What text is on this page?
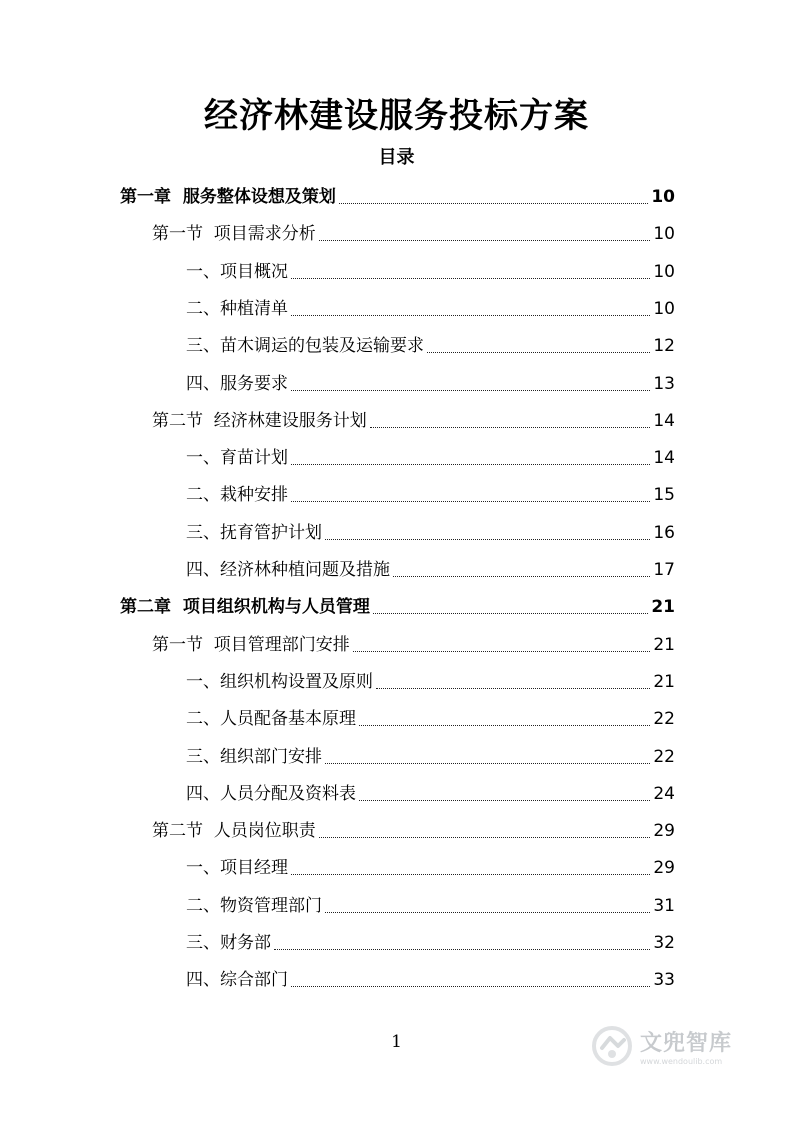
经济林建设服务投标方案
目录
第一章  服务整体设想及策划	10
第一节  项目需求分析	10
一、项目概况	10
二、种植清单	10
三、苗木调运的包装及运输要求	12
四、服务要求	13
第二节  经济林建设服务计划	14
一、育苗计划	14
二、栽种安排	15
三、抚育管护计划	16
四、经济林种植问题及措施	17
第二章  项目组织机构与人员管理	21
第一节  项目管理部门安排	21
一、组织机构设置及原则	21
二、人员配备基本原理	22
三、组织部门安排	22
四、人员分配及资料表	24
第二节  人员岗位职责	29
一、项目经理	29
二、物资管理部门	31
三、财务部	32
四、综合部门	33
1	文兜智库
www.wendoulib.com
